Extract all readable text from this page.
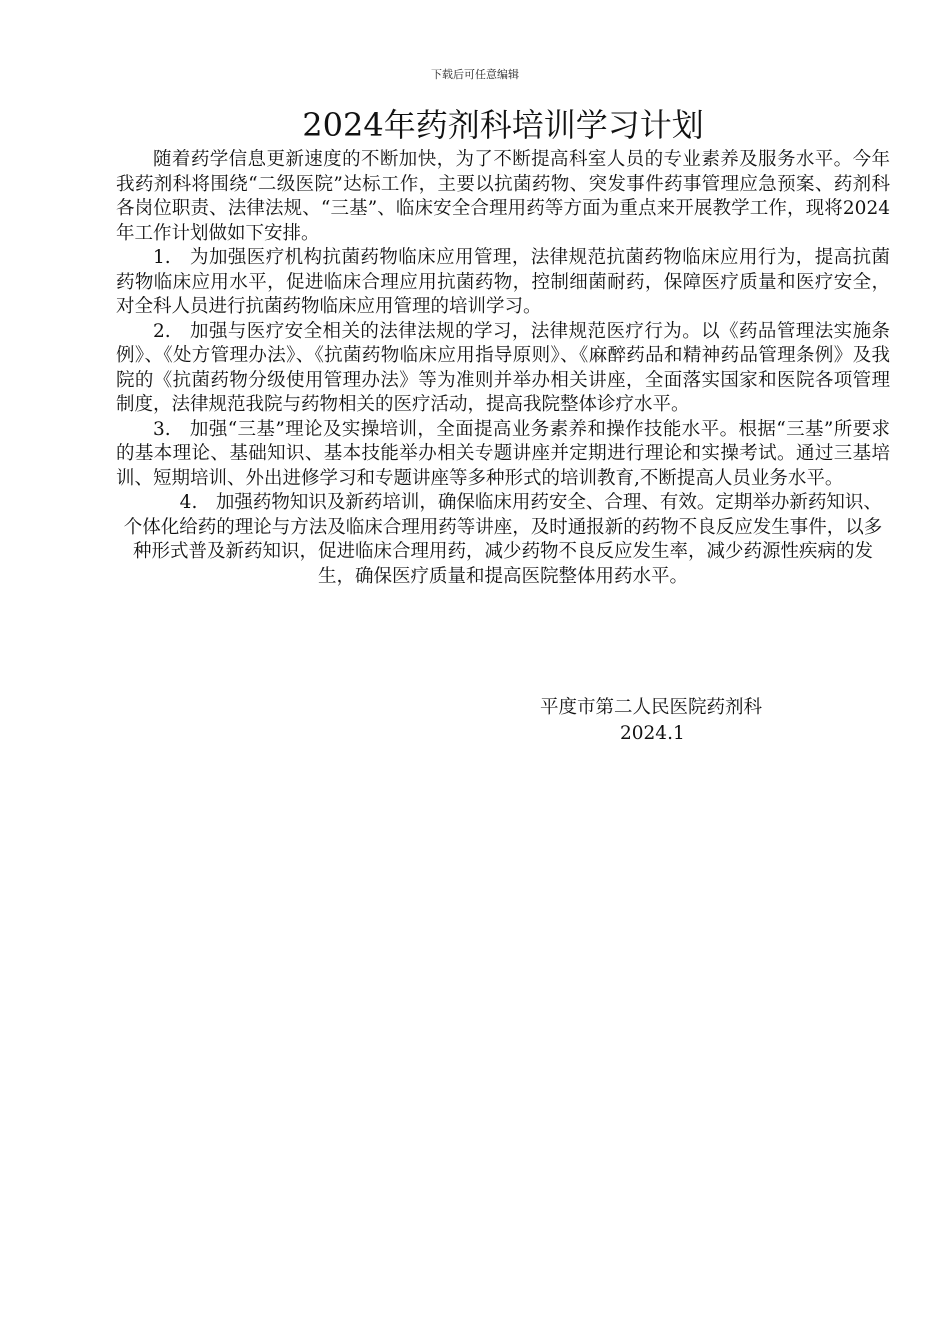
下载后可任意编辑
2024年药剂科培训学习计划

随着药学信息更新速度的不断加快，为了不断提高科室人员的专业素养及服务水平。今年我药剂科将围绕“二级医院”达标工作，主要以抗菌药物、突发事件药事管理应急预案、药剂科各岗位职责、法律法规、“三基”、临床安全合理用药等方面为重点来开展教学工作，现将2024年工作计划做如下安排。

1.　为加强医疗机构抗菌药物临床应用管理，法律规范抗菌药物临床应用行为，提高抗菌药物临床应用水平，促进临床合理应用抗菌药物，控制细菌耐药，保障医疗质量和医疗安全，对全科人员进行抗菌药物临床应用管理的培训学习。

2.　加强与医疗安全相关的法律法规的学习，法律规范医疗行为。以《药品管理法实施条例》、《处方管理办法》、《抗菌药物临床应用指导原则》、《麻醉药品和精神药品管理条例》及我院的《抗菌药物分级使用管理办法》等为准则并举办相关讲座，全面落实国家和医院各项管理制度，法律规范我院与药物相关的医疗活动，提高我院整体诊疗水平。

3.　加强“三基”理论及实操培训，全面提高业务素养和操作技能水平。根据“三基”所要求的基本理论、基础知识、基本技能举办相关专题讲座并定期进行理论和实操考试。通过三基培训、短期培训、外出进修学习和专题讲座等多种形式的培训教育,不断提高人员业务水平。

4.　加强药物知识及新药培训，确保临床用药安全、合理、有效。定期举办新药知识、个体化给药的理论与方法及临床合理用药等讲座，及时通报新的药物不良反应发生事件，以多种形式普及新药知识，促进临床合理用药，减少药物不良反应发生率，减少药源性疾病的发生，确保医疗质量和提高医院整体用药水平。

平度市第二人民医院药剂科
2024.1
